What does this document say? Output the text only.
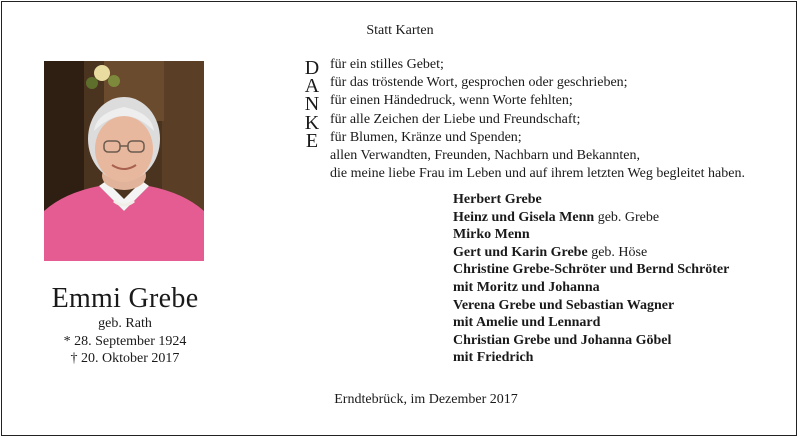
Statt Karten
Emmi Grebe
geb. Rath
* 28. September 1924
† 20. Oktober 2017
D
A
N
K
E
für ein stilles Gebet;
für das tröstende Wort, gesprochen oder geschrieben;
für einen Händedruck, wenn Worte fehlten;
für alle Zeichen der Liebe und Freundschaft;
für Blumen, Kränze und Spenden;
allen Verwandten, Freunden, Nachbarn und Bekannten,
die meine liebe Frau im Leben und auf ihrem letzten Weg begleitet haben.
Herbert Grebe
Heinz und Gisela Menn geb. Grebe
Mirko Menn
Gert und Karin Grebe geb. Höse
Christine Grebe-Schröter und Bernd Schröter
mit Moritz und Johanna
Verena Grebe und Sebastian Wagner
mit Amelie und Lennard
Christian Grebe und Johanna Göbel
mit Friedrich
Erndtebrück, im Dezember 2017
